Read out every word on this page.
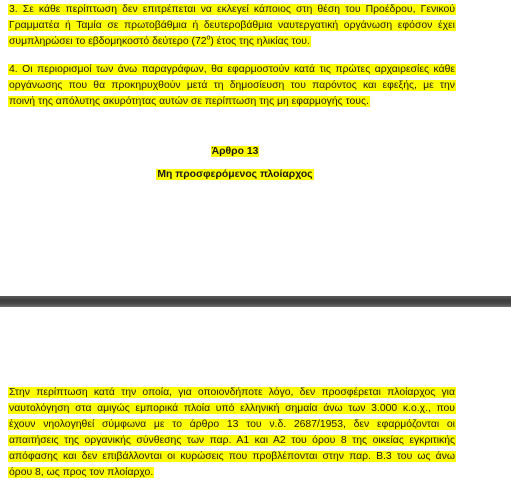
3. Σε κάθε περίπτωση δεν επιτρέπεται να εκλεγεί κάποιος στη θέση του Προέδρου, Γενικού
Γραμματέα ή Ταμία σε πρωτοβάθμια ή δευτεροβάθμια ναυτεργατική οργάνωση εφόσον έχει
συμπληρώσει το εβδομηκοστό δεύτερο $(72^o)$ έτος της ηλικίας του.

4. Οι περιορισμοί των άνω παραγράφων, θα εφαρμοστούν κατά τις πρώτες αρχαιρεσίες κάθε
οργάνωσης που θα προκηρυχθούν μετά τη δημοσίευση του παρόντος και εφεξής, με την
ποινή της απόλυτης ακυρότητας αυτών σε περίπτωση της μη εφαρμογής τους.

Άρθρο 13
Μη προσφερόμενος πλοίαρχος

Στην περίπτωση κατά την οποία, για οποιονδήποτε λόγο, δεν προσφέρεται πλοίαρχος για
ναυτολόγηση στα αμιγώς εμπορικά πλοία υπό ελληνική σημαία άνω των 3.000 κ.ο.χ., που
έχουν νηολογηθεί σύμφωνα με το άρθρο 13 του ν.δ. 2687/1953, δεν εφαρμόζονται οι
απαιτήσεις της οργανικής σύνθεσης των παρ. Α1 και Α2 του όρου 8 της οικείας εγκριτικής
απόφασης και δεν επιβάλλονται οι κυρώσεις που προβλέπονται στην παρ. Β.3 του ως άνω
όρου 8, ως προς τον πλοίαρχο.
